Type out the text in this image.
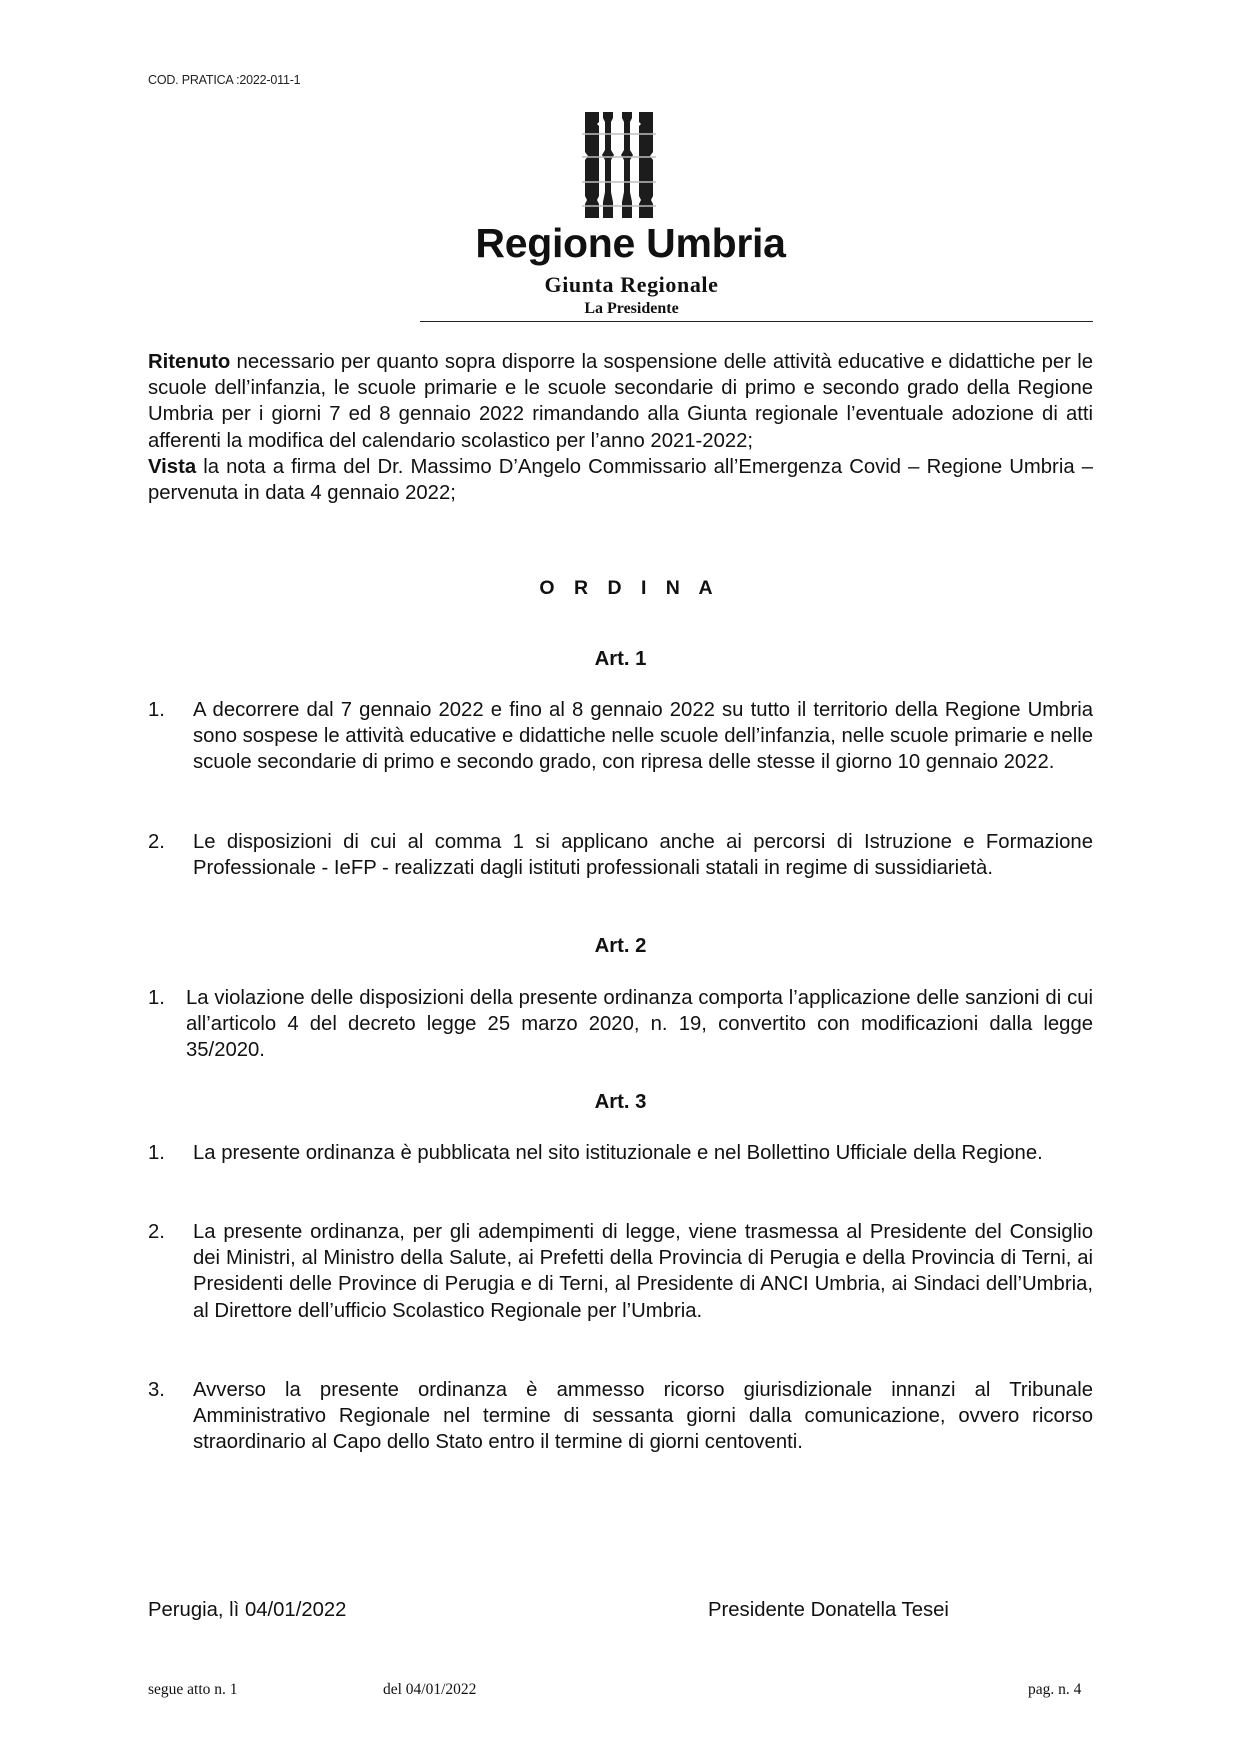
COD. PRATICA :2022-011-1
Regione Umbria
Giunta Regionale
La Presidente

Ritenuto necessario per quanto sopra disporre la sospensione delle attività educative e didattiche per le scuole dell’infanzia, le scuole primarie e le scuole secondarie di primo e secondo grado della Regione Umbria per i giorni 7 ed 8 gennaio 2022 rimandando alla Giunta regionale l’eventuale adozione di atti afferenti la modifica del calendario scolastico per l’anno 2021-2022;

Vista la nota a firma del Dr. Massimo D’Angelo Commissario all’Emergenza Covid – Regione Umbria – pervenuta in data 4 gennaio 2022;

O R D I N A
Art. 1
1. A decorrere dal 7 gennaio 2022 e fino al 8 gennaio 2022 su tutto il territorio della Regione Umbria sono sospese le attività educative e didattiche nelle scuole dell’infanzia, nelle scuole primarie e nelle scuole secondarie di primo e secondo grado, con ripresa delle stesse il giorno 10 gennaio 2022.
2. Le disposizioni di cui al comma 1 si applicano anche ai percorsi di Istruzione e Formazione Professionale - IeFP - realizzati dagli istituti professionali statali in regime di sussidiarietà.
Art. 2
1. La violazione delle disposizioni della presente ordinanza comporta l’applicazione delle sanzioni di cui all’articolo 4 del decreto legge 25 marzo 2020, n. 19, convertito con modificazioni dalla legge 35/2020.
Art. 3
1. La presente ordinanza è pubblicata nel sito istituzionale e nel Bollettino Ufficiale della Regione.
2. La presente ordinanza, per gli adempimenti di legge, viene trasmessa al Presidente del Consiglio dei Ministri, al Ministro della Salute, ai Prefetti della Provincia di Perugia e della Provincia di Terni, ai Presidenti delle Province di Perugia e di Terni, al Presidente di ANCI Umbria, ai Sindaci dell’Umbria, al Direttore dell’ufficio Scolastico Regionale per l’Umbria.
3. Avverso la presente ordinanza è ammesso ricorso giurisdizionale innanzi al Tribunale Amministrativo Regionale nel termine di sessanta giorni dalla comunicazione, ovvero ricorso straordinario al Capo dello Stato entro il termine di giorni centoventi.
Perugia, lì 04/01/2022	Presidente Donatella Tesei
segue atto n. 1	del 04/01/2022	pag. n. 4
